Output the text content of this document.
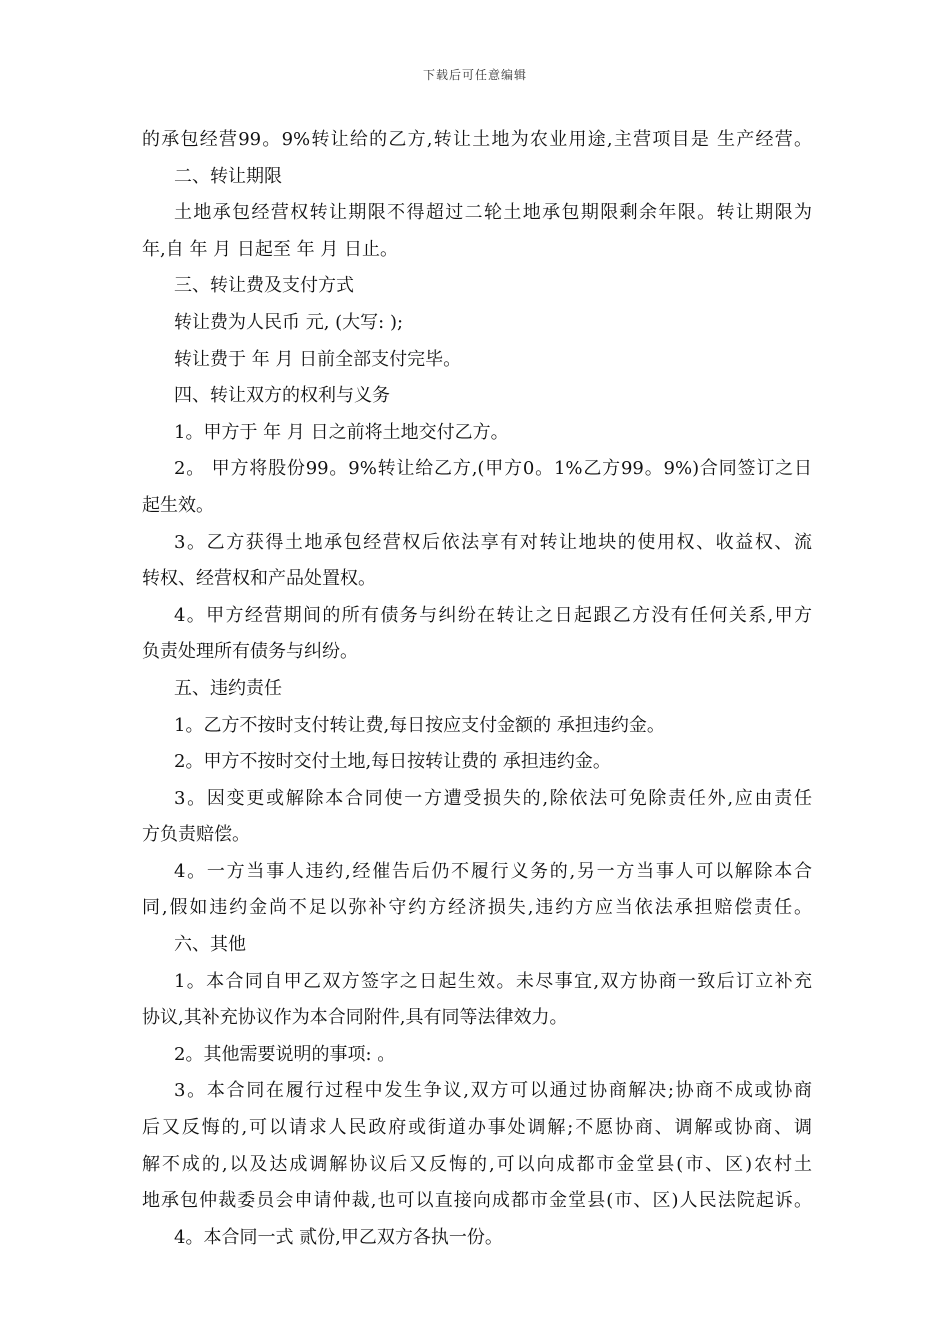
下载后可任意编辑
的承包经营99。9%转让给的乙方,转让土地为农业用途,主营项目是 生产经营。
二、转让期限
土地承包经营权转让期限不得超过二轮土地承包期限剩余年限。转让期限为
年,自 年 月 日起至 年 月 日止。
三、转让费及支付方式
转让费为人民币 元, (大写: );
转让费于 年 月 日前全部支付完毕。
四、转让双方的权利与义务
1。甲方于 年 月 日之前将土地交付乙方。
2。 甲方将股份99。9%转让给乙方,(甲方0。1%乙方99。9%)合同签订之日
起生效。
3。乙方获得土地承包经营权后依法享有对转让地块的使用权、收益权、流
转权、经营权和产品处置权。
4。甲方经营期间的所有债务与纠纷在转让之日起跟乙方没有任何关系,甲方
负责处理所有债务与纠纷。
五、违约责任
1。乙方不按时支付转让费,每日按应支付金额的 承担违约金。
2。甲方不按时交付土地,每日按转让费的 承担违约金。
3。因变更或解除本合同使一方遭受损失的,除依法可免除责任外,应由责任
方负责赔偿。
4。一方当事人违约,经催告后仍不履行义务的,另一方当事人可以解除本合
同,假如违约金尚不足以弥补守约方经济损失,违约方应当依法承担赔偿责任。
六、其他
1。本合同自甲乙双方签字之日起生效。未尽事宜,双方协商一致后订立补充
协议,其补充协议作为本合同附件,具有同等法律效力。
2。其他需要说明的事项: 。
3。本合同在履行过程中发生争议,双方可以通过协商解决;协商不成或协商
后又反悔的,可以请求人民政府或街道办事处调解;不愿协商、调解或协商、调
解不成的,以及达成调解协议后又反悔的,可以向成都市金堂县(市、区)农村土
地承包仲裁委员会申请仲裁,也可以直接向成都市金堂县(市、区)人民法院起诉。
4。本合同一式 贰份,甲乙双方各执一份。
